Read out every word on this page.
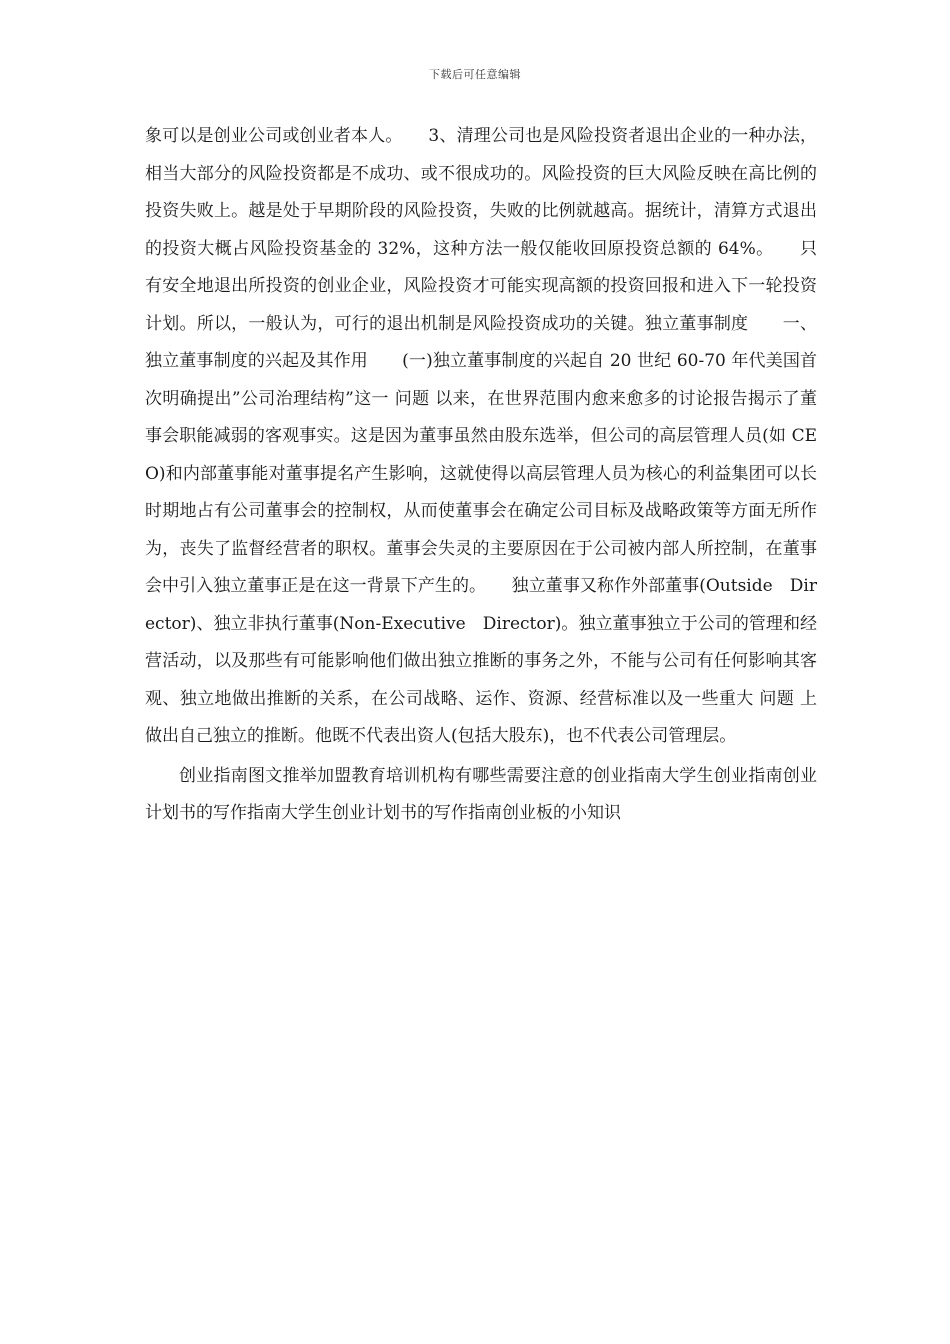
下载后可任意编辑

象可以是创业公司或创业者本人。　　3、清理公司也是风险投资者退出企业的一种办法，相当大部分的风险投资都是不成功、或不很成功的。风险投资的巨大风险反映在高比例的投资失败上。越是处于早期阶段的风险投资，失败的比例就越高。据统计，清算方式退出的投资大概占风险投资基金的 32%，这种方法一般仅能收回原投资总额的 64%。　　只有安全地退出所投资的创业企业，风险投资才可能实现高额的投资回报和进入下一轮投资计划。所以，一般认为，可行的退出机制是风险投资成功的关键。独立董事制度　　一、独立董事制度的兴起及其作用　　(一)独立董事制度的兴起自 20 世纪 60-70 年代美国首次明确提出”公司治理结构”这一 问题 以来，在世界范围内愈来愈多的讨论报告揭示了董事会职能减弱的客观事实。这是因为董事虽然由股东选举，但公司的高层管理人员(如 CEO)和内部董事能对董事提名产生影响，这就使得以高层管理人员为核心的利益集团可以长时期地占有公司董事会的控制权，从而使董事会在确定公司目标及战略政策等方面无所作为，丧失了监督经营者的职权。董事会失灵的主要原因在于公司被内部人所控制，在董事会中引入独立董事正是在这一背景下产生的。　　独立董事又称作外部董事(Outside　Director)、独立非执行董事(Non-Executive　Director)。独立董事独立于公司的管理和经营活动，以及那些有可能影响他们做出独立推断的事务之外，不能与公司有任何影响其客观、独立地做出推断的关系，在公司战略、运作、资源、经营标准以及一些重大 问题 上做出自己独立的推断。他既不代表出资人(包括大股东)，也不代表公司管理层。

创业指南图文推举加盟教育培训机构有哪些需要注意的创业指南大学生创业指南创业计划书的写作指南大学生创业计划书的写作指南创业板的小知识
